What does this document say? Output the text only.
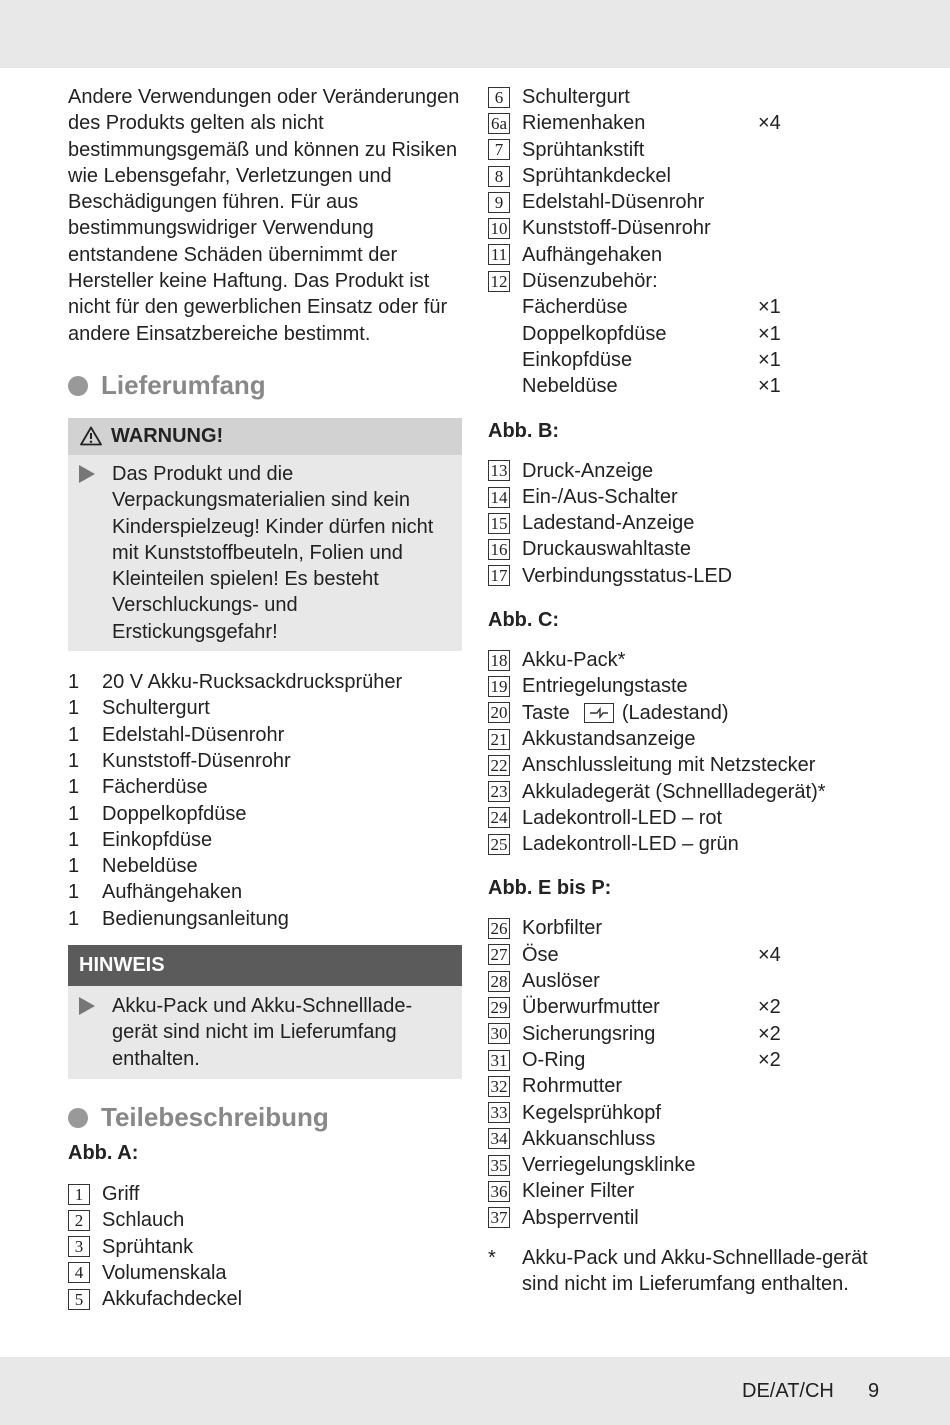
Andere Verwendungen oder Veränderungen des Produkts gelten als nicht bestimmungsgemäß und können zu Risiken wie Lebensgefahr, Verletzungen und Beschädigungen führen. Für aus bestimmungswidriger Verwendung entstandene Schäden übernimmt der Hersteller keine Haftung. Das Produkt ist nicht für den gewerblichen Einsatz oder für andere Einsatzbereiche bestimmt.

Lieferumfang
WARNUNG!
Das Produkt und die Verpackungsmaterialien sind kein Kinderspielzeug! Kinder dürfen nicht mit Kunststoffbeuteln, Folien und Kleinteilen spielen! Es besteht Verschluckungs- und Erstickungsgefahr!
1	20 V Akku-Rucksackdrucksprüher
1	Schultergurt
1	Edelstahl-Düsenrohr
1	Kunststoff-Düsenrohr
1	Fächerdüse
1	Doppelkopfdüse
1	Einkopfdüse
1	Nebeldüse
1	Aufhängehaken
1	Bedienungsanleitung
HINWEIS
Akku-Pack und Akku-Schnelllade-gerät sind nicht im Lieferumfang enthalten.
Teilebeschreibung
Abb. A:
1 Griff
2 Schlauch
3 Sprühtank
4 Volumenskala
5 Akkufachdeckel
6 Schultergurt
6a Riemenhaken	×4
7 Sprühtankstift
8 Sprühtankdeckel
9 Edelstahl-Düsenrohr
10 Kunststoff-Düsenrohr
11 Aufhängehaken
12 Düsenzubehör:
Fächerdüse	×1
Doppelkopfdüse	×1
Einkopfdüse	×1
Nebeldüse	×1
Abb. B:
13 Druck-Anzeige
14 Ein-/Aus-Schalter
15 Ladestand-Anzeige
16 Druckauswahltaste
17 Verbindungsstatus-LED
Abb. C:
18 Akku-Pack*
19 Entriegelungstaste
20 Taste	(Ladestand)
21 Akkustandsanzeige
22 Anschlussleitung mit Netzstecker
23 Akkuladegerät (Schnellladegerät)*
24 Ladekontroll-LED – rot
25 Ladekontroll-LED – grün
Abb. E bis P:
26 Korbfilter
27 Öse	×4
28 Auslöser
29 Überwurfmutter	×2
30 Sicherungsring	×2
31 O-Ring	×2
32 Rohrmutter
33 Kegelsprühkopf
34 Akkuanschluss
35 Verriegelungsklinke
36 Kleiner Filter
37 Absperrventil
*	Akku-Pack und Akku-Schnelllade-gerät sind nicht im Lieferumfang enthalten.
DE/AT/CH 9
